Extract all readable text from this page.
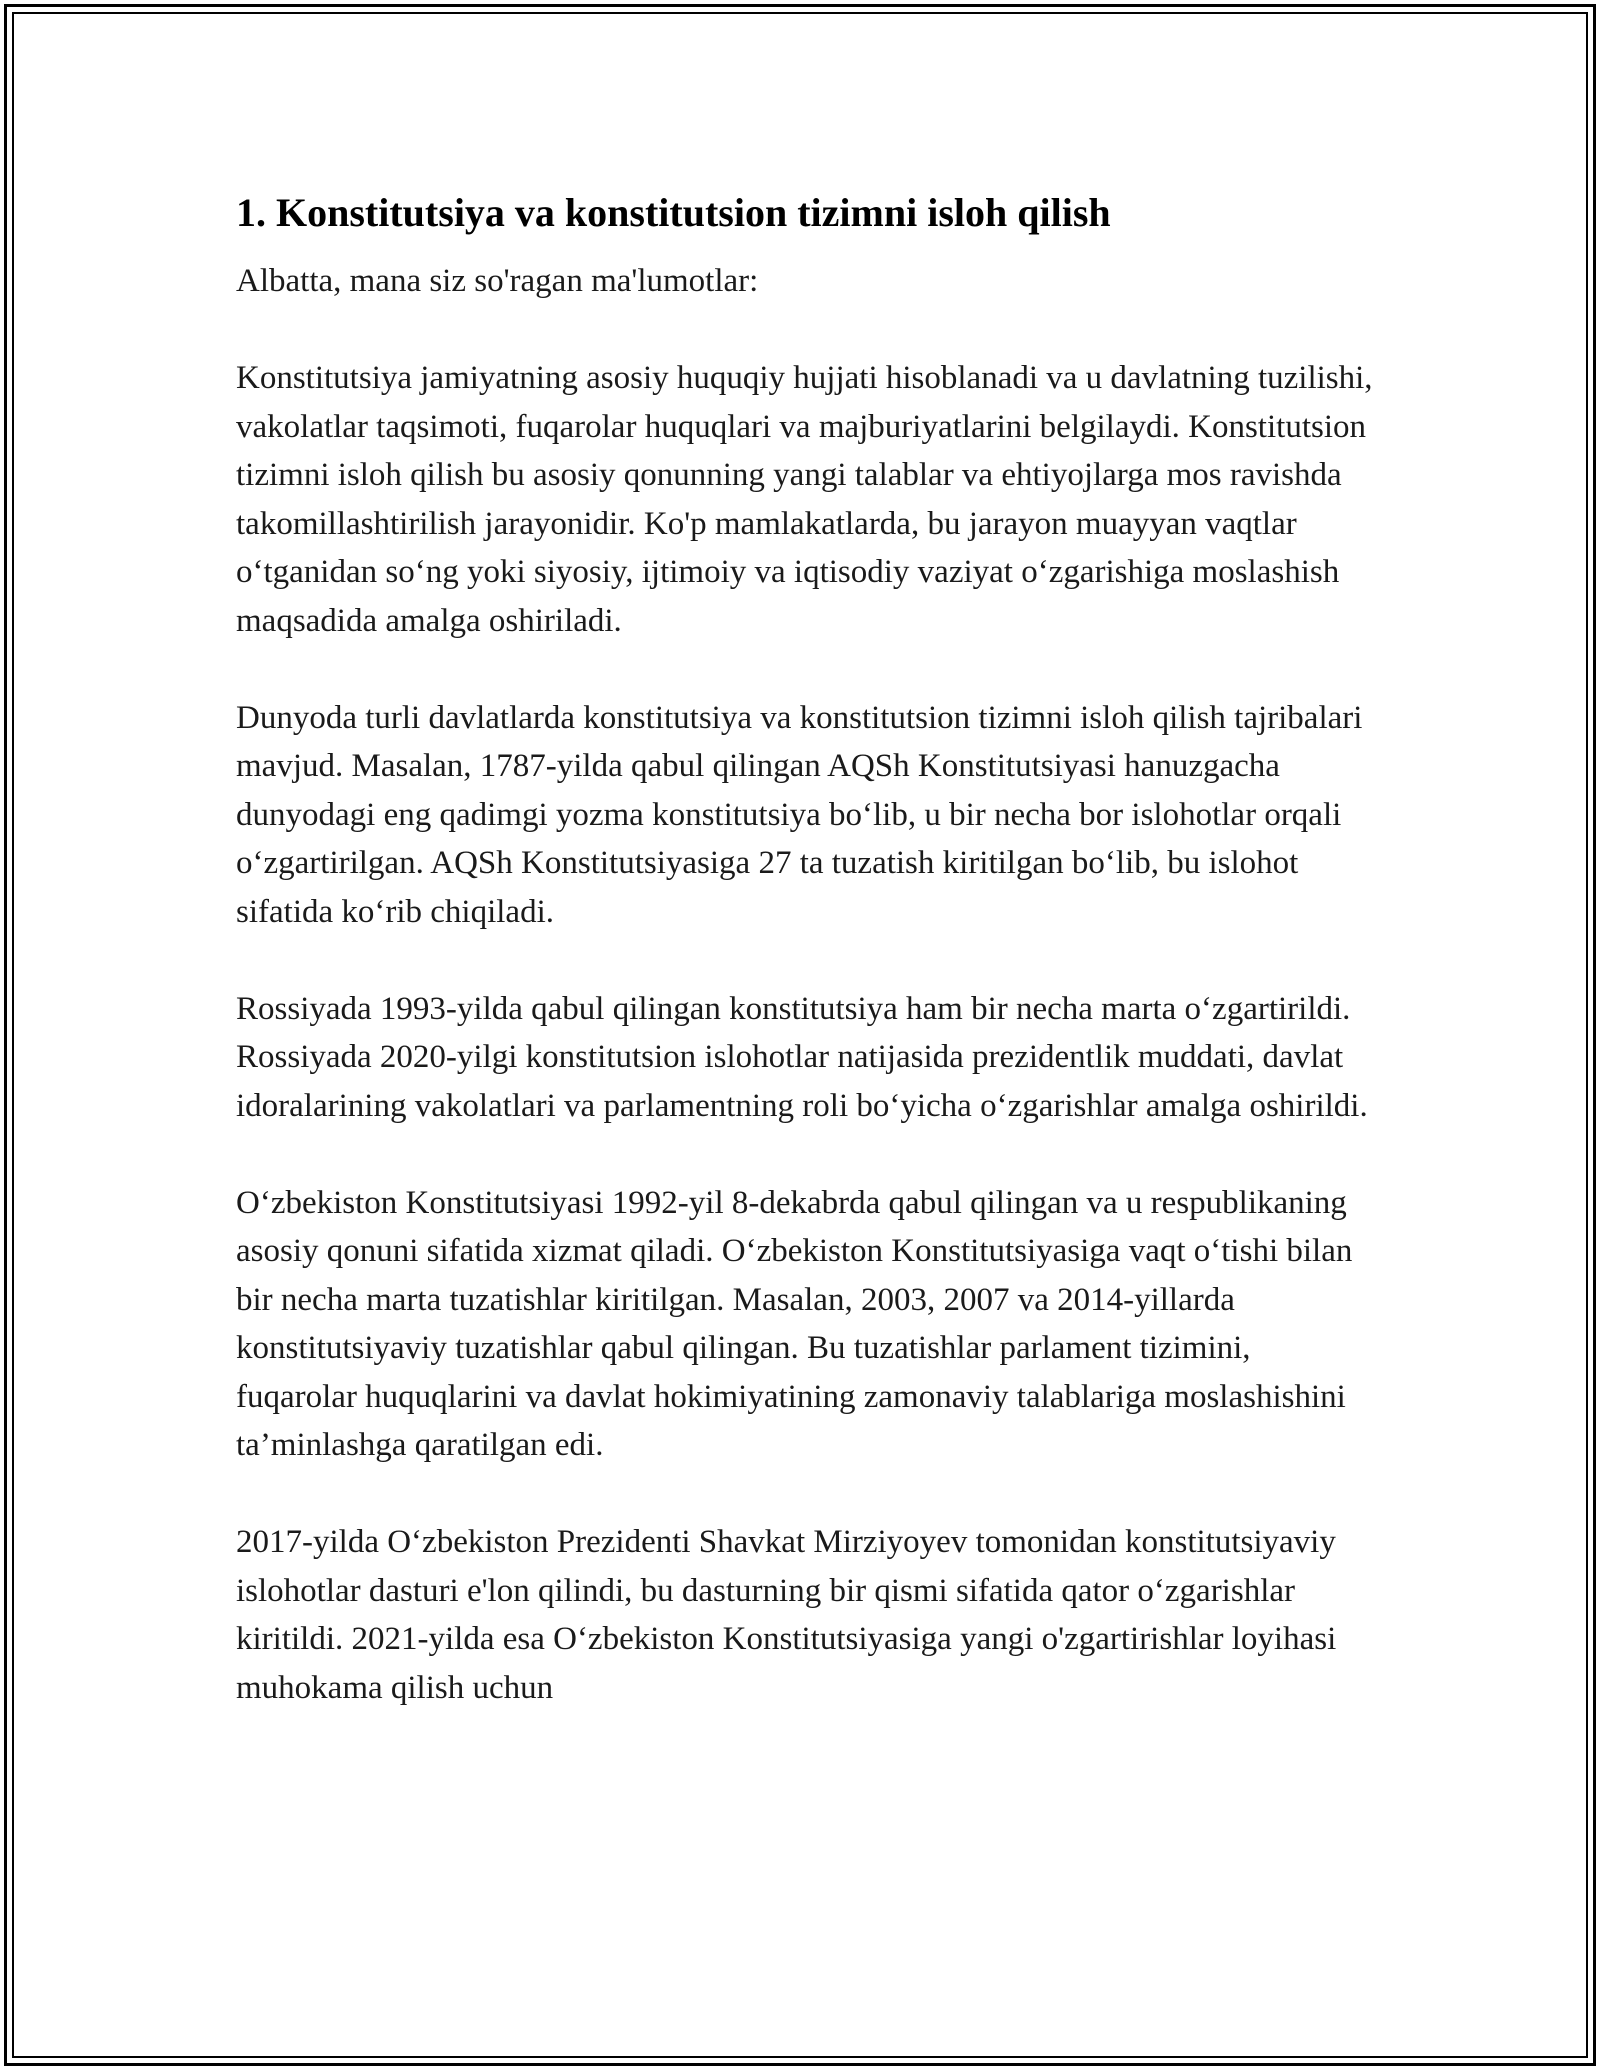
1. Konstitutsiya va konstitutsion tizimni isloh qilish

Albatta, mana siz so'ragan ma'lumotlar:

Konstitutsiya jamiyatning asosiy huquqiy hujjati hisoblanadi va u davlatning tuzilishi, vakolatlar taqsimoti, fuqarolar huquqlari va majburiyatlarini belgilaydi. Konstitutsion tizimni isloh qilish bu asosiy qonunning yangi talablar va ehtiyojlarga mos ravishda takomillashtirilish jarayonidir. Ko'p mamlakatlarda, bu jarayon muayyan vaqtlar o‘tganidan so‘ng yoki siyosiy, ijtimoiy va iqtisodiy vaziyat o‘zgarishiga moslashish maqsadida amalga oshiriladi.

Dunyoda turli davlatlarda konstitutsiya va konstitutsion tizimni isloh qilish tajribalari mavjud. Masalan, 1787-yilda qabul qilingan AQSh Konstitutsiyasi hanuzgacha dunyodagi eng qadimgi yozma konstitutsiya bo‘lib, u bir necha bor islohotlar orqali o‘zgartirilgan. AQSh Konstitutsiyasiga 27 ta tuzatish kiritilgan bo‘lib, bu islohot sifatida ko‘rib chiqiladi.

Rossiyada 1993-yilda qabul qilingan konstitutsiya ham bir necha marta o‘zgartirildi. Rossiyada 2020-yilgi konstitutsion islohotlar natijasida prezidentlik muddati, davlat idoralarining vakolatlari va parlamentning roli bo‘yicha o‘zgarishlar amalga oshirildi.

O‘zbekiston Konstitutsiyasi 1992-yil 8-dekabrda qabul qilingan va u respublikaning asosiy qonuni sifatida xizmat qiladi. O‘zbekiston Konstitutsiyasiga vaqt o‘tishi bilan bir necha marta tuzatishlar kiritilgan. Masalan, 2003, 2007 va 2014-yillarda konstitutsiyaviy tuzatishlar qabul qilingan. Bu tuzatishlar parlament tizimini, fuqarolar huquqlarini va davlat hokimiyatining zamonaviy talablariga moslashishini ta’minlashga qaratilgan edi.

2017-yilda O‘zbekiston Prezidenti Shavkat Mirziyoyev tomonidan konstitutsiyaviy islohotlar dasturi e'lon qilindi, bu dasturning bir qismi sifatida qator o‘zgarishlar kiritildi. 2021-yilda esa O‘zbekiston Konstitutsiyasiga yangi o'zgartirishlar loyihasi muhokama qilish uchun
